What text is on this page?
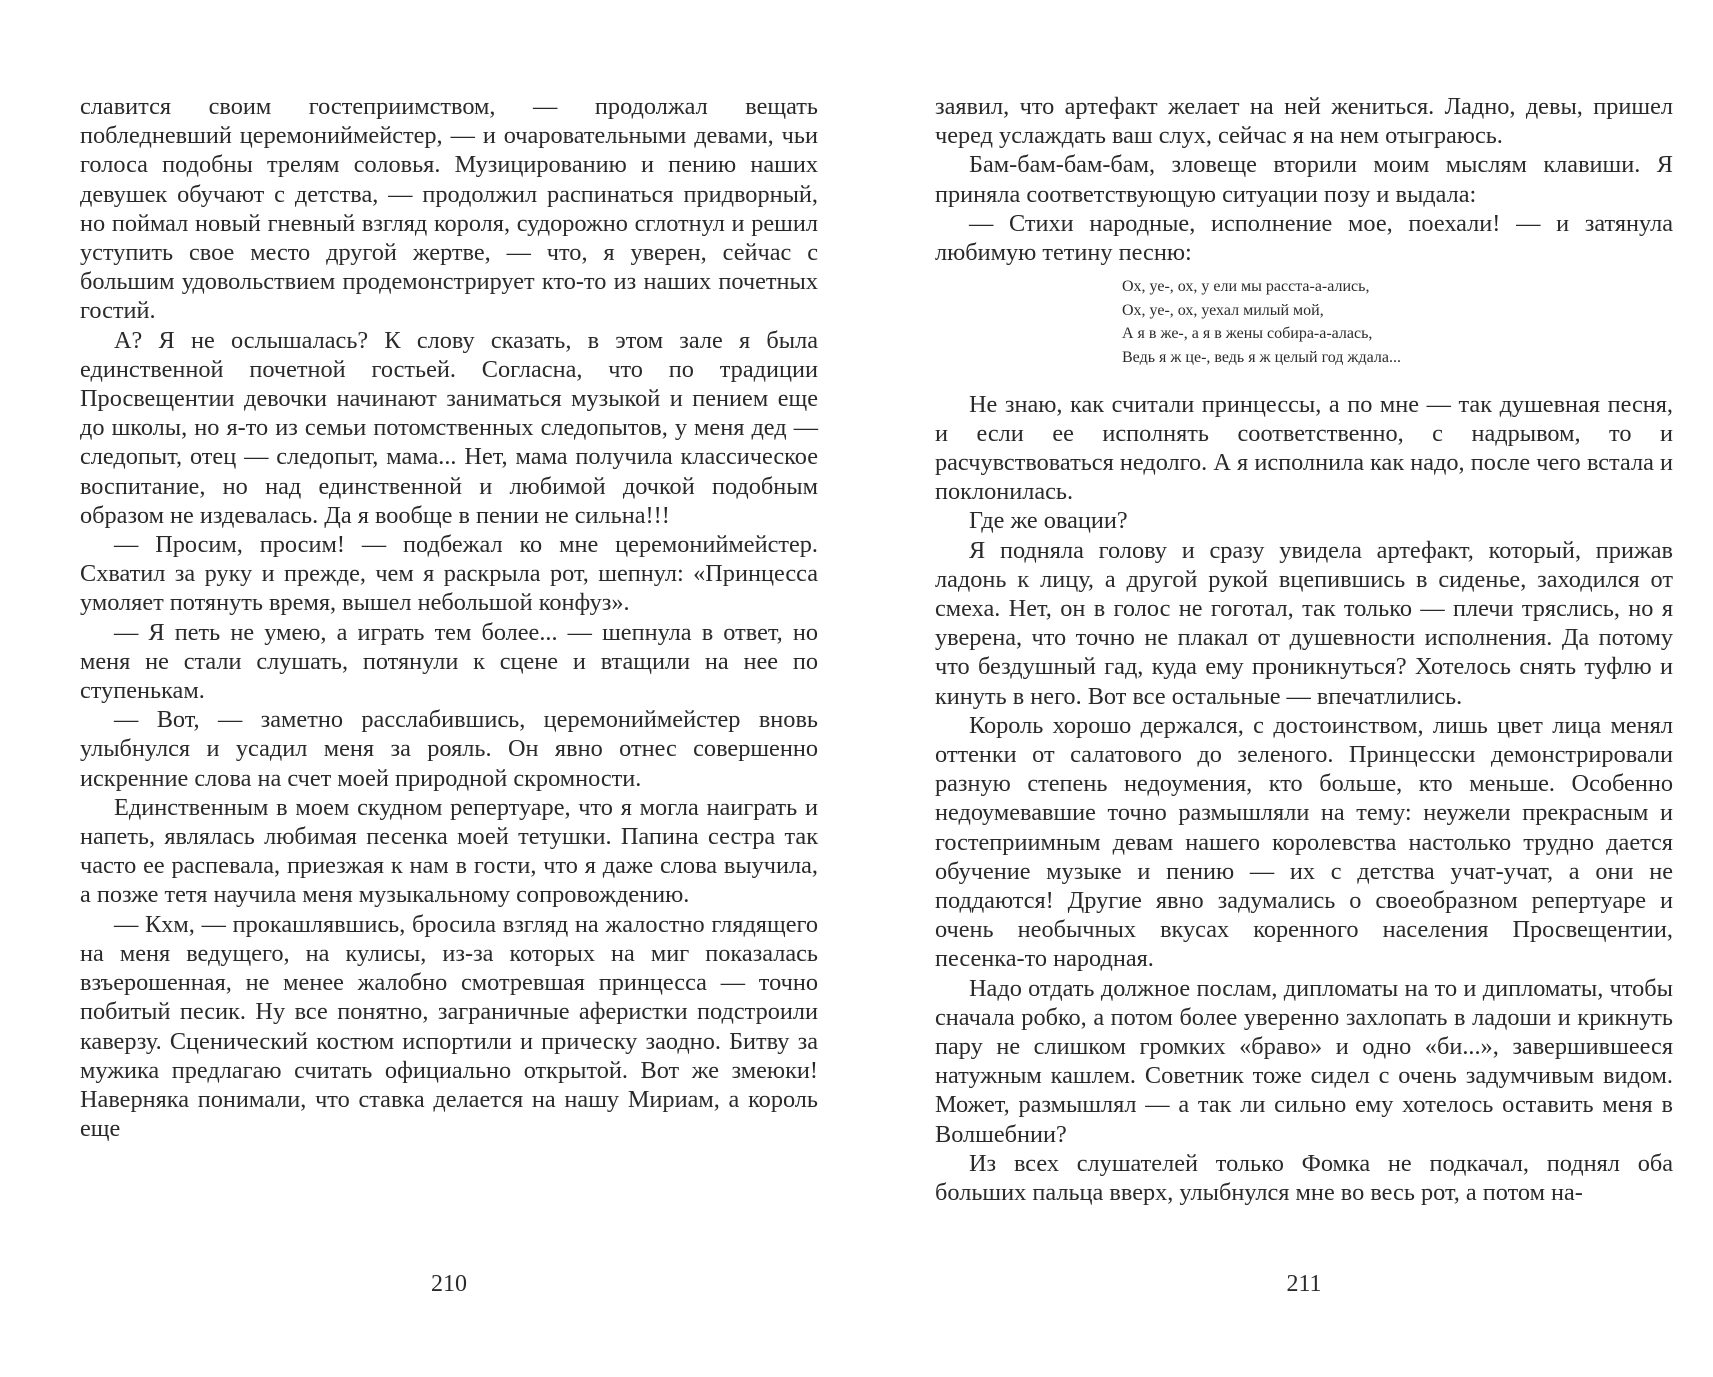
славится своим гостеприимством, — продолжал вещать побледневший церемониймейстер, — и очаровательными девами, чьи голоса подобны трелям соловья. Музицированию и пению наших девушек обучают с детства, — продолжил распинаться придворный, но поймал новый гневный взгляд короля, судорожно сглотнул и решил уступить свое место другой жертве, — что, я уверен, сейчас с большим удовольствием продемонстрирует кто-то из наших почетных гостий.

А? Я не ослышалась? К слову сказать, в этом зале я была единственной почетной гостьей. Согласна, что по традиции Просвещентии девочки начинают заниматься музыкой и пением еще до школы, но я-то из семьи потомственных следопытов, у меня дед — следопыт, отец — следопыт, мама... Нет, мама получила классическое воспитание, но над единственной и любимой дочкой подобным образом не издевалась. Да я вообще в пении не сильна!!!

— Просим, просим! — подбежал ко мне церемониймейстер. Схватил за руку и прежде, чем я раскрыла рот, шепнул: «Принцесса умоляет потянуть время, вышел небольшой конфуз».

— Я петь не умею, а играть тем более... — шепнула в ответ, но меня не стали слушать, потянули к сцене и втащили на нее по ступенькам.

— Вот, — заметно расслабившись, церемониймейстер вновь улыбнулся и усадил меня за рояль. Он явно отнес совершенно искренние слова на счет моей природной скромности.

Единственным в моем скудном репертуаре, что я могла наиграть и напеть, являлась любимая песенка моей тетушки. Папина сестра так часто ее распевала, приезжая к нам в гости, что я даже слова выучила, а позже тетя научила меня музыкальному сопровождению.

— Кхм, — прокашлявшись, бросила взгляд на жалостно глядящего на меня ведущего, на кулисы, из-за которых на миг показалась взъерошенная, не менее жалобно смотревшая принцесса — точно побитый песик. Ну все понятно, заграничные аферистки подстроили каверзу. Сценический костюм испортили и прическу заодно. Битву за мужика предлагаю считать официально открытой. Вот же змеюки! Наверняка понимали, что ставка делается на нашу Мириам, а король еще

210

заявил, что артефакт желает на ней жениться. Ладно, девы, пришел черед услаждать ваш слух, сейчас я на нем отыграюсь.

Бам-бам-бам-бам, зловеще вторили моим мыслям клавиши. Я приняла соответствующую ситуации позу и выдала:

— Стихи народные, исполнение мое, поехали! — и затянула любимую тетину песню:

Ох, уе-, ох, у ели мы расста-а-ались,
Ох, уе-, ох, уехал милый мой,
А я в же-, а я в жены собира-а-алась,
Ведь я ж це-, ведь я ж целый год ждала...

Не знаю, как считали принцессы, а по мне — так душевная песня, и если ее исполнять соответственно, с надрывом, то и расчувствоваться недолго. А я исполнила как надо, после чего встала и поклонилась.

Где же овации?

Я подняла голову и сразу увидела артефакт, который, прижав ладонь к лицу, а другой рукой вцепившись в сиденье, заходился от смеха. Нет, он в голос не гоготал, так только — плечи тряслись, но я уверена, что точно не плакал от душевности исполнения. Да потому что бездушный гад, куда ему проникнуться? Хотелось снять туфлю и кинуть в него. Вот все остальные — впечатлились.

Король хорошо держался, с достоинством, лишь цвет лица менял оттенки от салатового до зеленого. Принцесски демонстрировали разную степень недоумения, кто больше, кто меньше. Особенно недоумевавшие точно размышляли на тему: неужели прекрасным и гостеприимным девам нашего королевства настолько трудно дается обучение музыке и пению — их с детства учат-учат, а они не поддаются! Другие явно задумались о своеобразном репертуаре и очень необычных вкусах коренного населения Просвещентии, песенка-то народная.

Надо отдать должное послам, дипломаты на то и дипломаты, чтобы сначала робко, а потом более уверенно захлопать в ладоши и крикнуть пару не слишком громких «браво» и одно «би...», завершившееся натужным кашлем. Советник тоже сидел с очень задумчивым видом. Может, размышлял — а так ли сильно ему хотелось оставить меня в Волшебнии?

Из всех слушателей только Фомка не подкачал, поднял оба больших пальца вверх, улыбнулся мне во весь рот, а потом на-

211
